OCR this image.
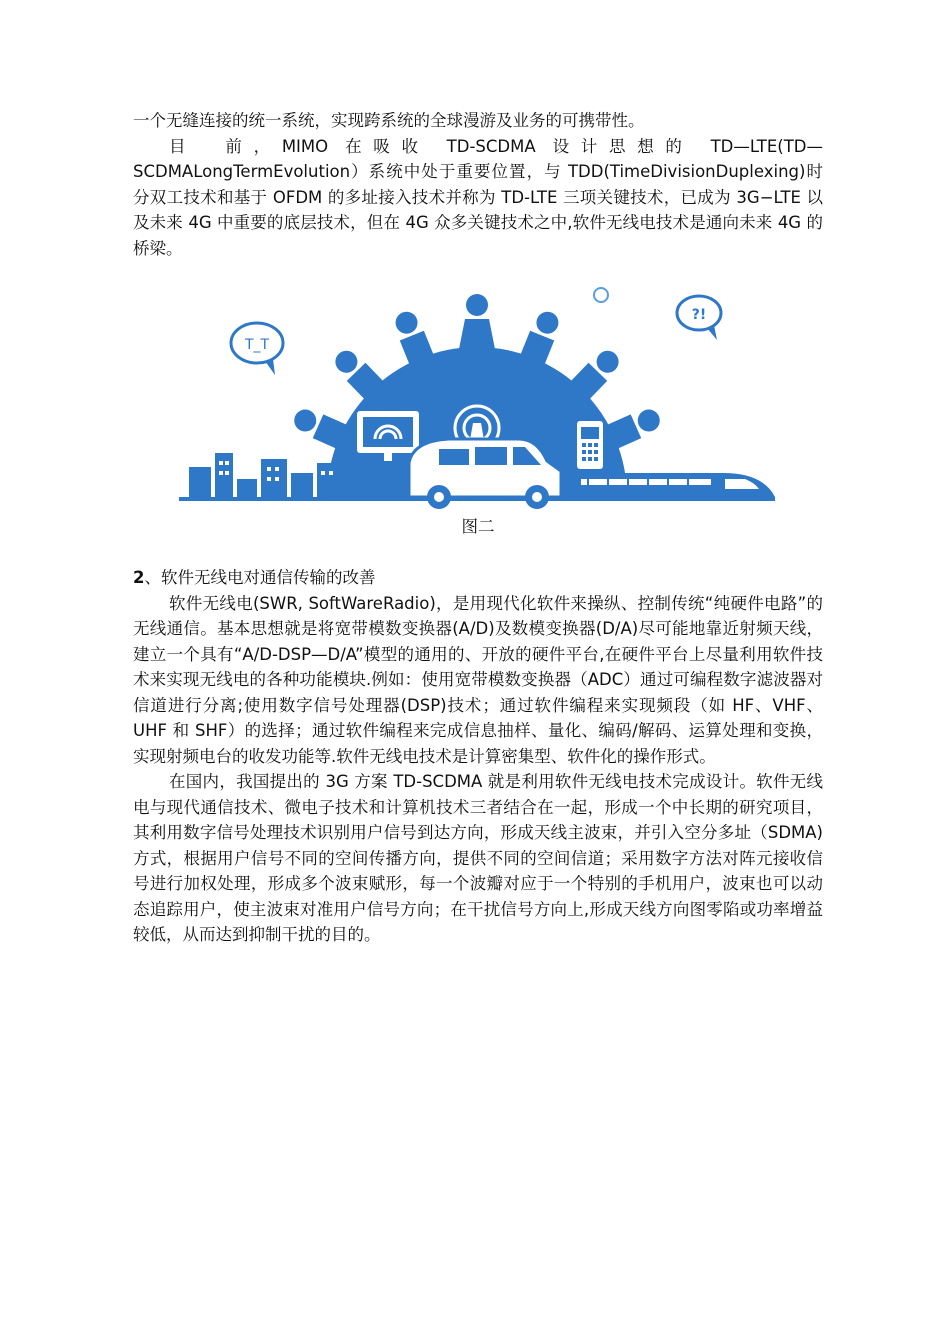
一个无缝连接的统一系统，实现跨系统的全球漫游及业务的可携带性。

目　前，MIMO 在吸收 TD-SCDMA 设计思想的 TD—LTE(TD—SCDMALongTermEvolution）系统中处于重要位置，与 TDD(TimeDivisionDuplexing)时分双工技术和基于 OFDM 的多址接入技术并称为 TD-LTE 三项关键技术，已成为 3G−LTE 以及未来 4G 中重要的底层技术，但在 4G 众多关键技术之中,软件无线电技术是通向未来 4G 的桥梁。

T_T
?!
图二
2、软件无线电对通信传输的改善

软件无线电(SWR, SoftWareRadio)，是用现代化软件来操纵、控制传统“纯硬件电路”的无线通信。基本思想就是将宽带模数变换器(A/D)及数模变换器(D/A)尽可能地靠近射频天线，建立一个具有“A/D-DSP—D/A”模型的通用的、开放的硬件平台,在硬件平台上尽量利用软件技术来实现无线电的各种功能模块.例如：使用宽带模数变换器（ADC）通过可编程数字滤波器对信道进行分离;使用数字信号处理器(DSP)技术；通过软件编程来实现频段（如 HF、VHF、UHF 和 SHF）的选择；通过软件编程来完成信息抽样、量化、编码/解码、运算处理和变换，实现射频电台的收发功能等.软件无线电技术是计算密集型、软件化的操作形式。

在国内，我国提出的 3G 方案 TD-SCDMA 就是利用软件无线电技术完成设计。软件无线电与现代通信技术、微电子技术和计算机技术三者结合在一起，形成一个中长期的研究项目，其利用数字信号处理技术识别用户信号到达方向，形成天线主波束，并引入空分多址（SDMA)方式，根据用户信号不同的空间传播方向，提供不同的空间信道；采用数字方法对阵元接收信号进行加权处理，形成多个波束赋形，每一个波瓣对应于一个特别的手机用户，波束也可以动态追踪用户，使主波束对准用户信号方向；在干扰信号方向上,形成天线方向图零陷或功率增益较低，从而达到抑制干扰的目的。
